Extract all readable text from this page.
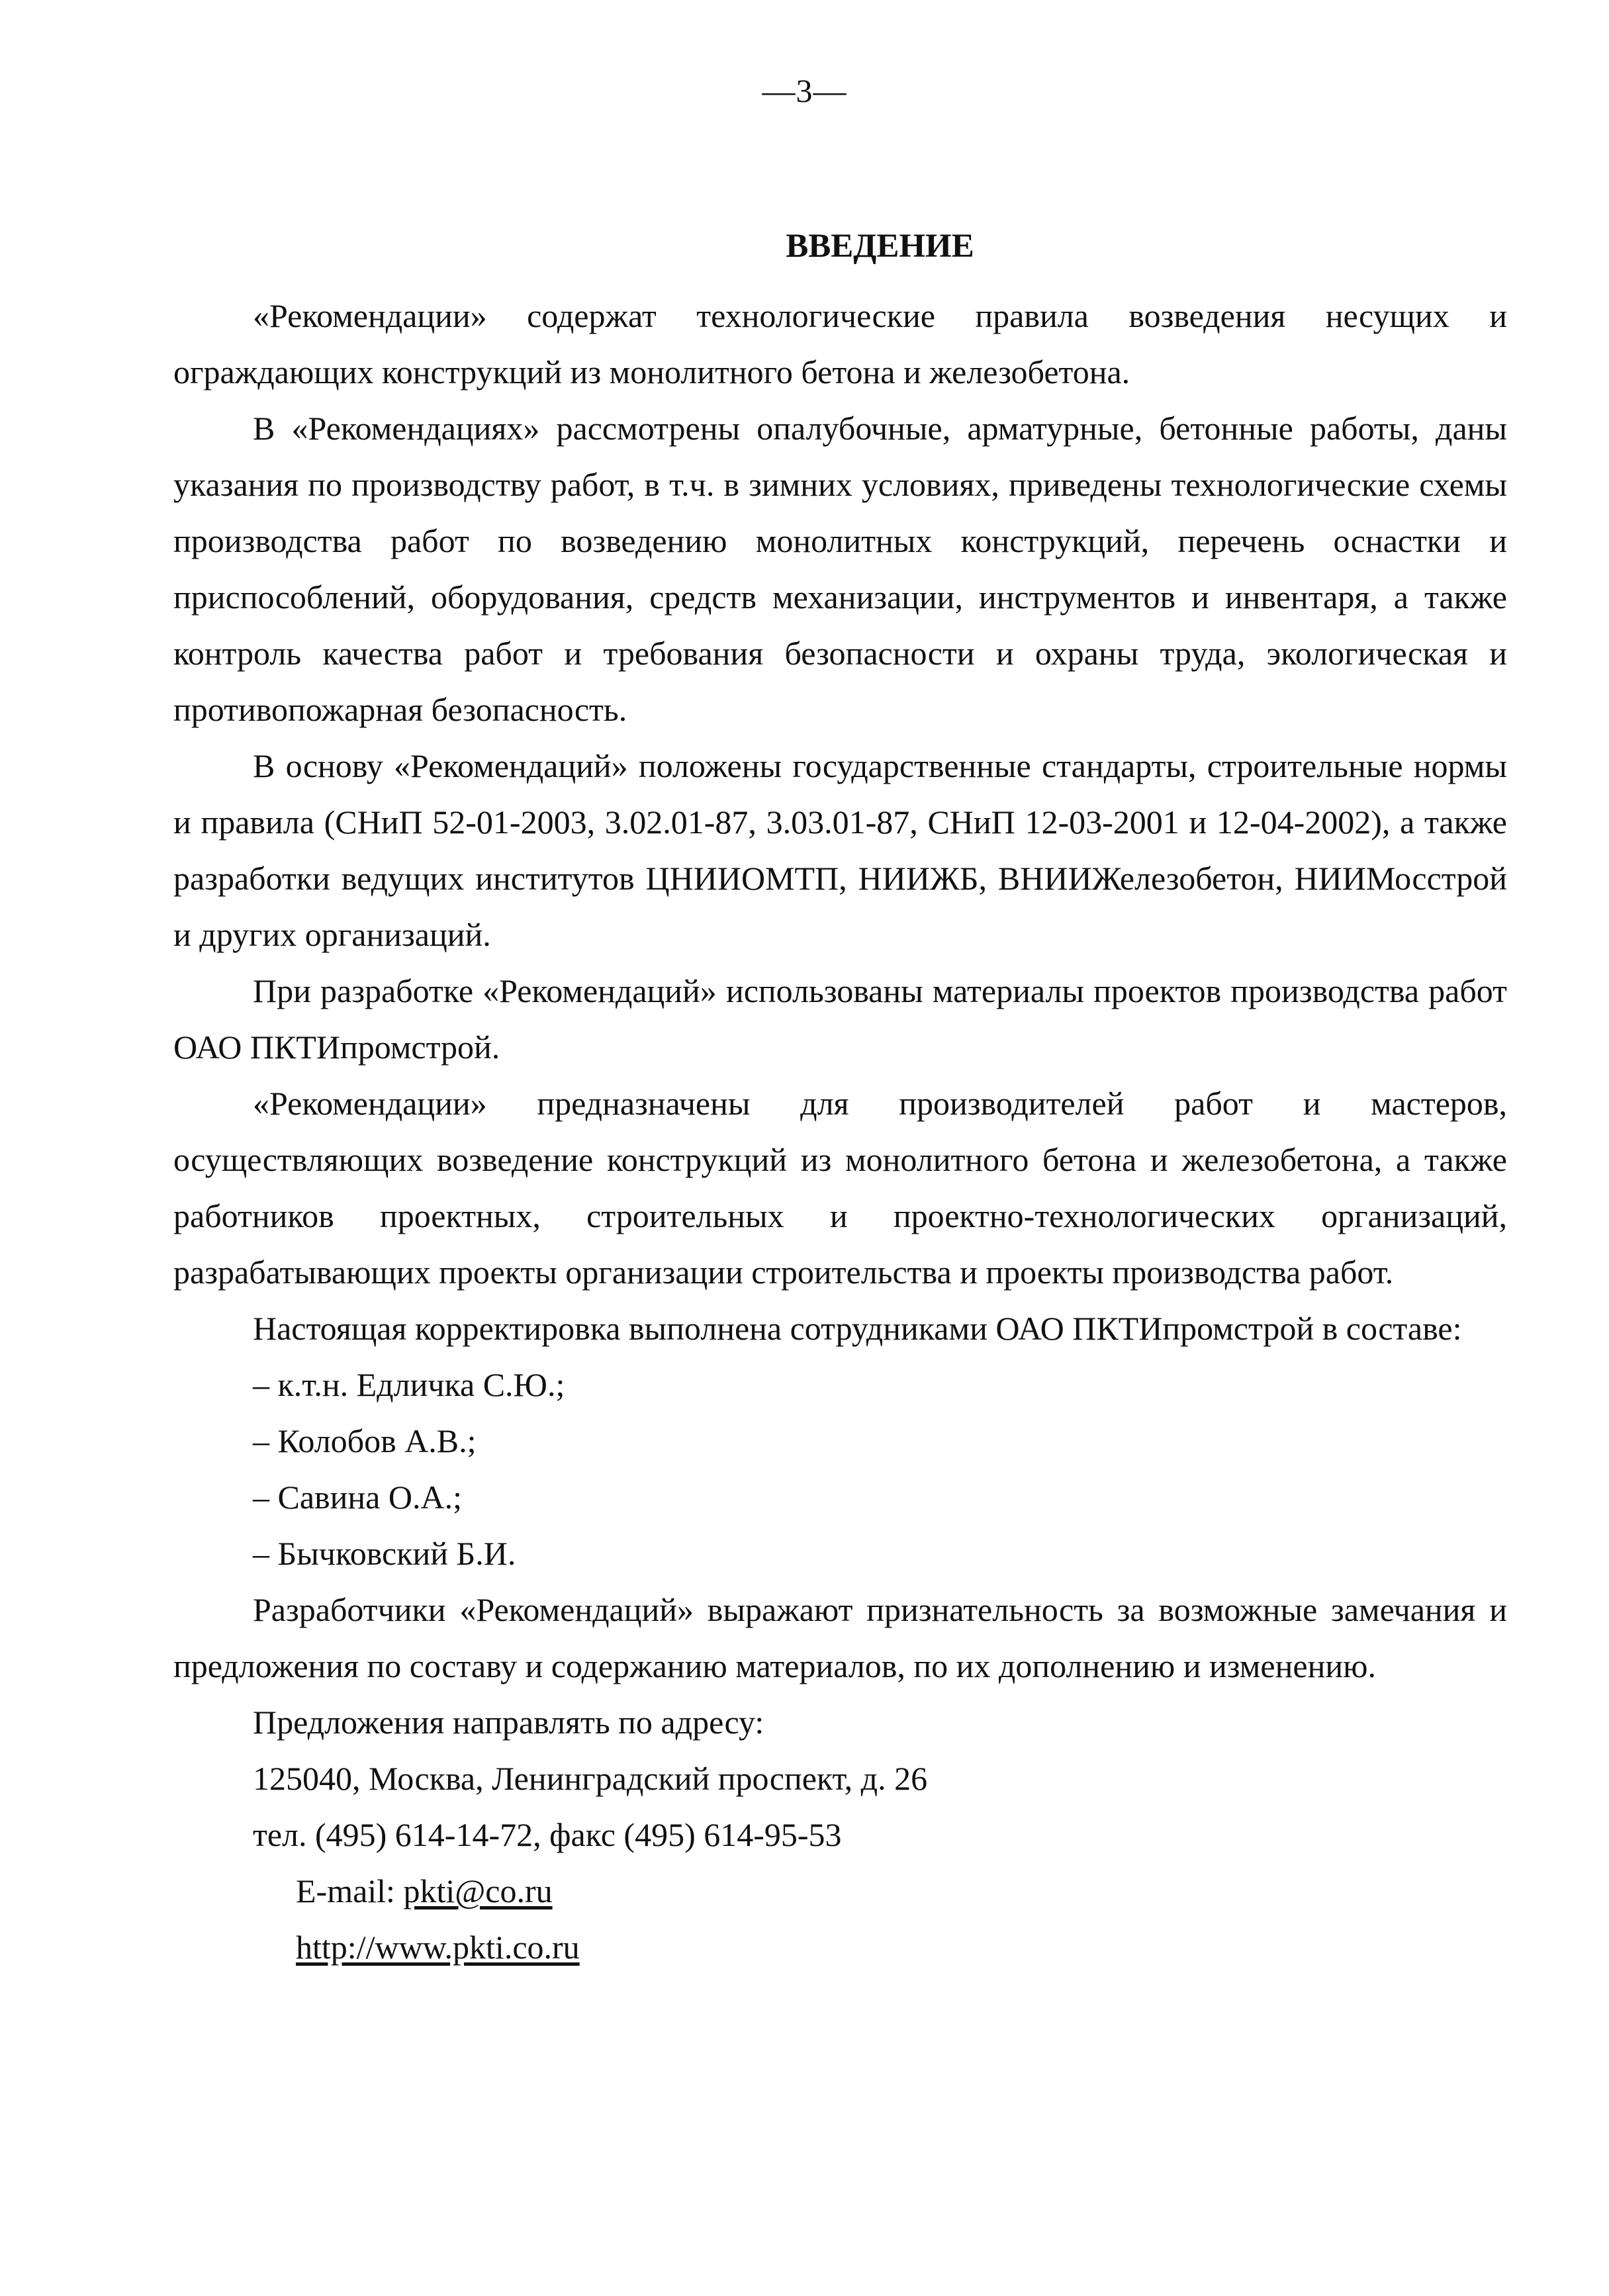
—3—
ВВЕДЕНИЕ

«Рекомендации» содержат технологические правила возведения несущих и ограждающих конструкций из монолитного бетона и железобетона.

В «Рекомендациях» рассмотрены опалубочные, арматурные, бетонные работы, даны указания по производству работ, в т.ч. в зимних условиях, приведены технологические схемы производства работ по возведению монолитных конструкций, перечень оснастки и приспособлений, оборудования, средств механизации, инструментов и инвентаря, а также контроль качества работ и требования безопасности и охраны труда, экологическая и противопожарная безопасность.

В основу «Рекомендаций» положены государственные стандарты, строительные нормы и правила (СНиП 52-01-2003, 3.02.01-87, 3.03.01-87, СНиП 12-03-2001 и 12-04-2002), а также разработки ведущих институтов ЦНИИОМТП, НИИЖБ, ВНИИЖелезобетон, НИИМосстрой и других организаций.

При разработке «Рекомендаций» использованы материалы проектов производства работ ОАО ПКТИпромстрой.

«Рекомендации» предназначены для производителей работ и мастеров, осуществляющих возведение конструкций из монолитного бетона и железобетона, а также работников проектных, строительных и проектно-технологических организаций, разрабатывающих проекты организации строительства и проекты производства работ.

Настоящая корректировка выполнена сотрудниками ОАО ПКТИпромстрой в составе:

– к.т.н. Едличка С.Ю.;

– Колобов А.В.;

– Савина О.А.;

– Бычковский Б.И.

Разработчики «Рекомендаций» выражают признательность за возможные замечания и предложения по составу и содержанию материалов, по их дополнению и изменению.

Предложения направлять по адресу:

125040, Москва, Ленинградский проспект, д. 26

тел. (495) 614-14-72, факс (495) 614-95-53

E-mail: pkti@co.ru

http://www.pkti.co.ru
